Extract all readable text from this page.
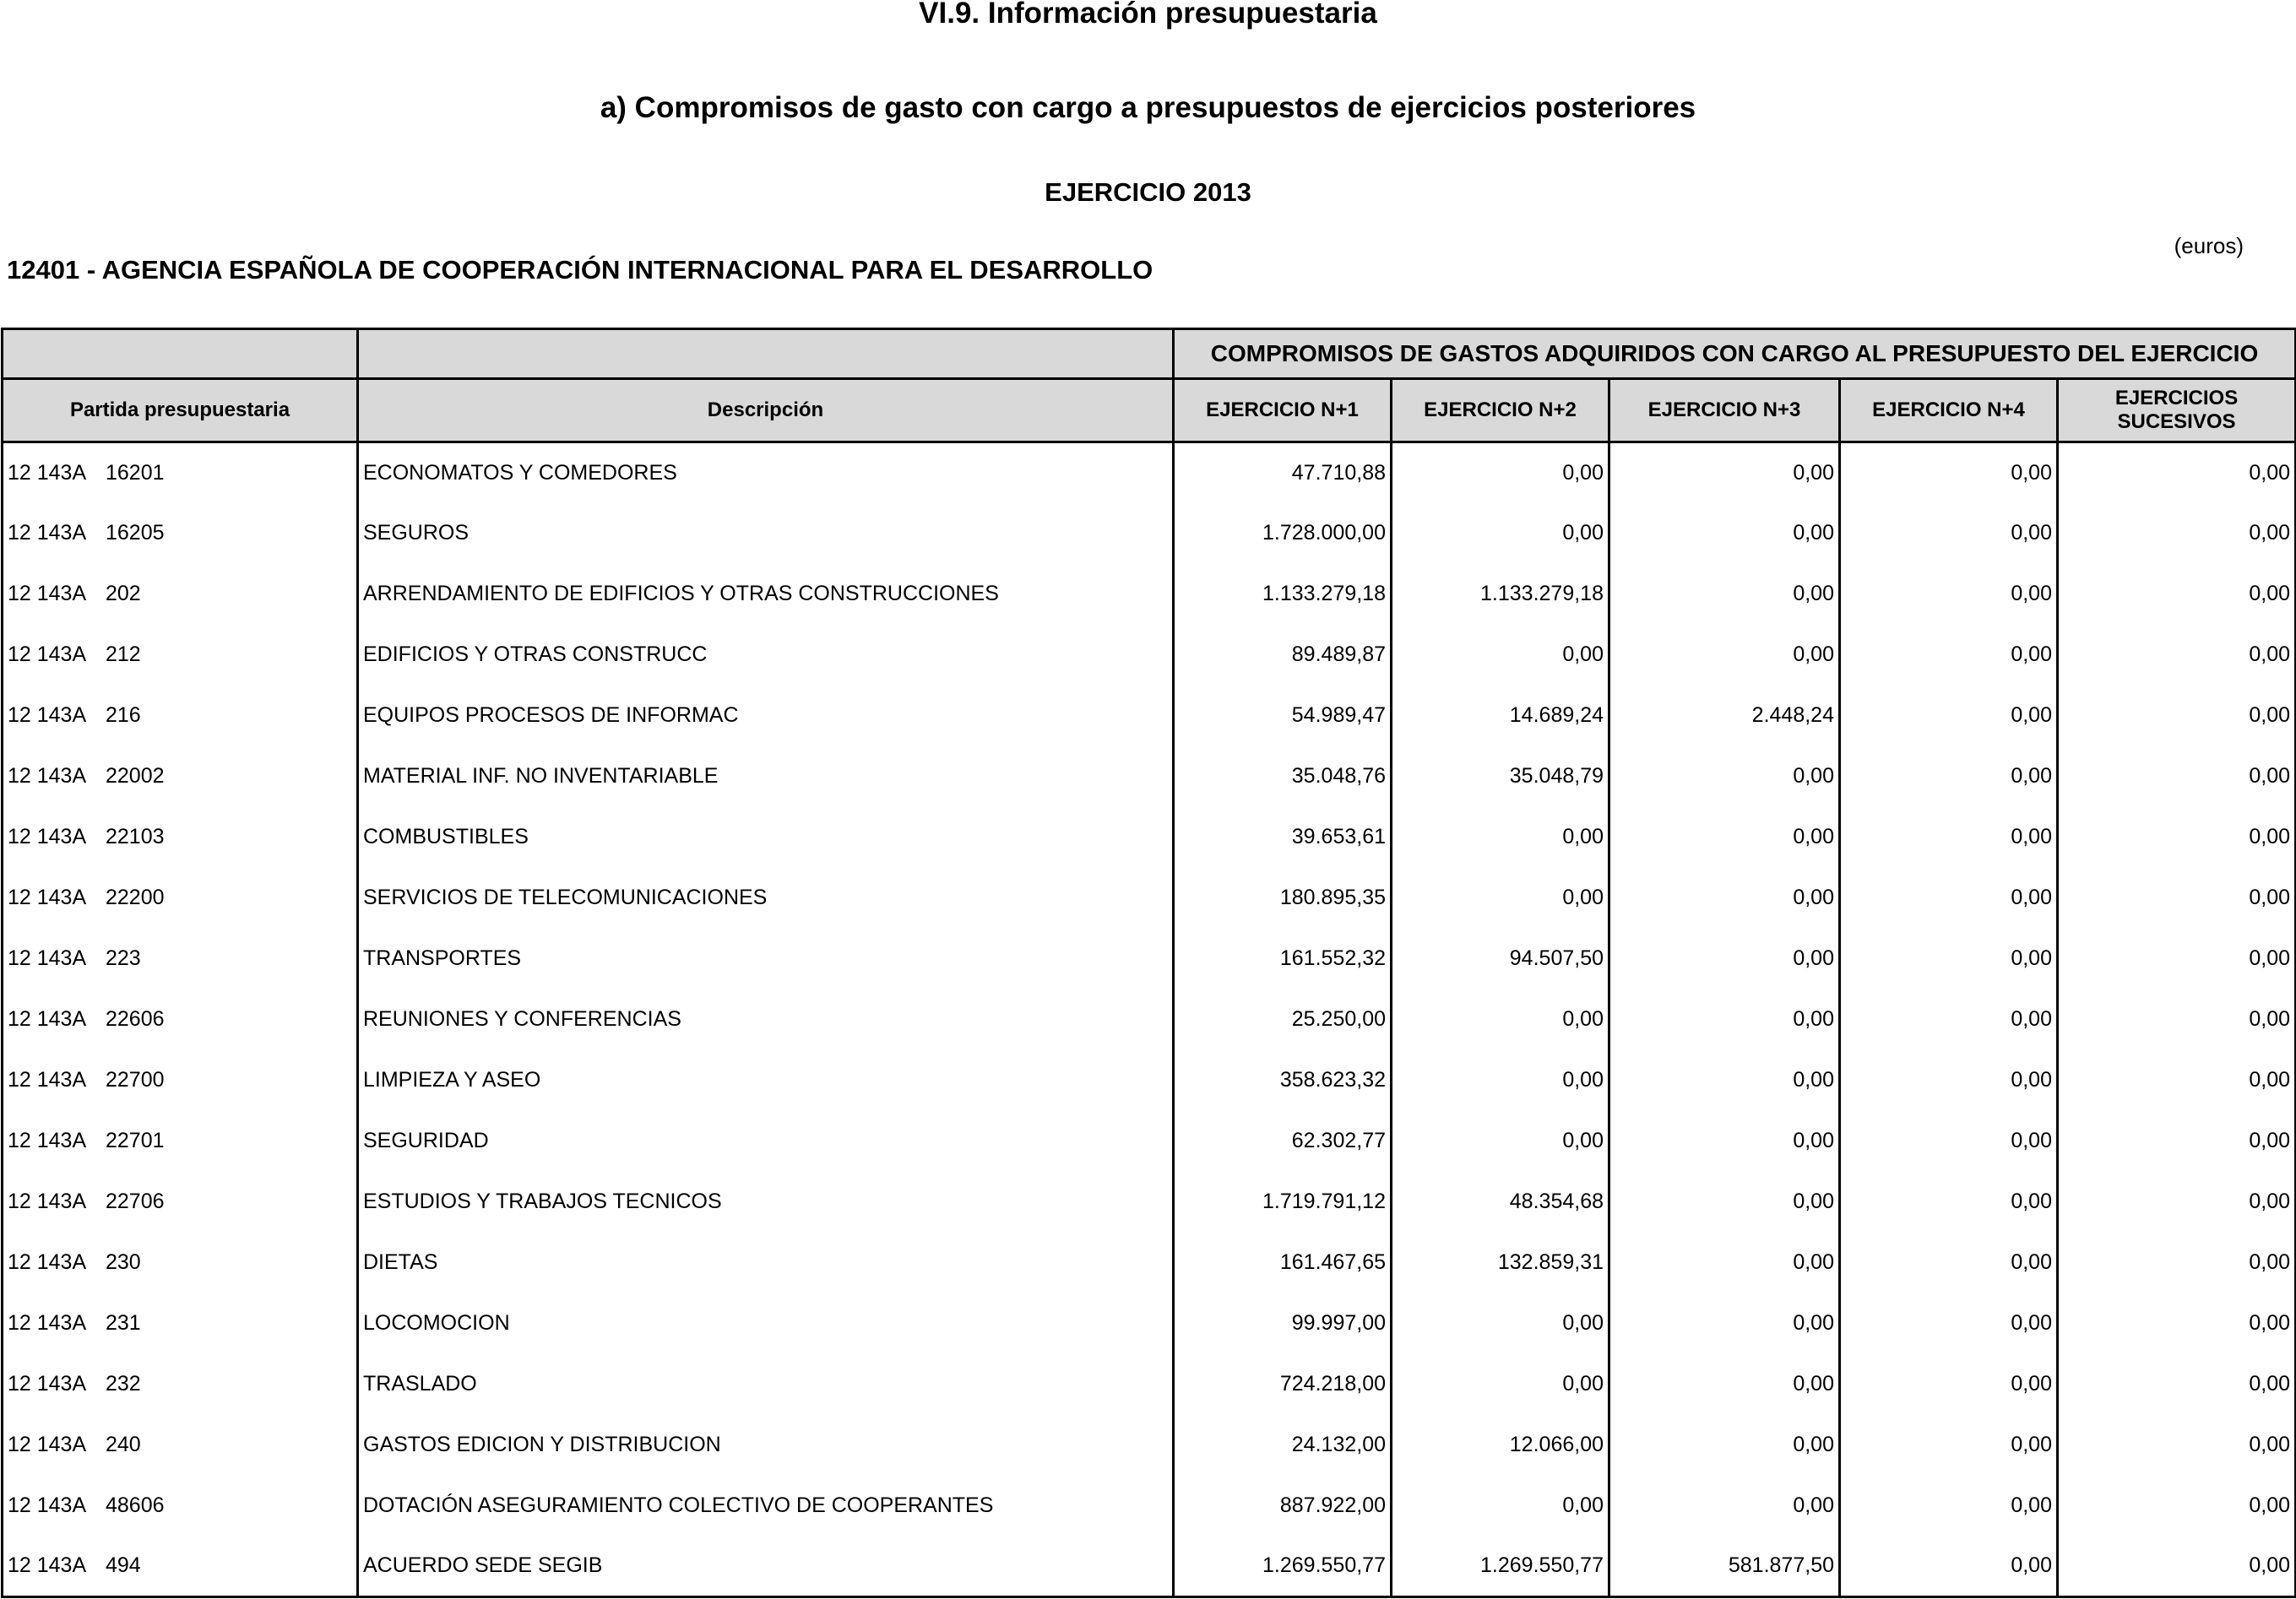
VI.9. Información presupuestaria
a) Compromisos de gasto con cargo a presupuestos de ejercicios posteriores
EJERCICIO 2013
(euros)
12401 - AGENCIA ESPAÑOLA DE COOPERACIÓN INTERNACIONAL PARA EL DESARROLLO
		COMPROMISOS DE GASTOS ADQUIRIDOS CON CARGO AL PRESUPUESTO DEL EJERCICIO				
Partida presupuestaria	Descripción	EJERCICIO N+1	EJERCICIO N+2	EJERCICIO N+3	EJERCICIO N+4	EJERCICIOS
SUCESIVOS
12 143A 16201	ECONOMATOS Y COMEDORES	47.710,88	0,00	0,00	0,00	0,00
12 143A 16205	SEGUROS	1.728.000,00	0,00	0,00	0,00	0,00
12 143A 202	ARRENDAMIENTO DE EDIFICIOS Y OTRAS CONSTRUCCIONES	1.133.279,18	1.133.279,18	0,00	0,00	0,00
12 143A 212	EDIFICIOS Y OTRAS CONSTRUCC	89.489,87	0,00	0,00	0,00	0,00
12 143A 216	EQUIPOS PROCESOS DE INFORMAC	54.989,47	14.689,24	2.448,24	0,00	0,00
12 143A 22002	MATERIAL INF. NO INVENTARIABLE	35.048,76	35.048,79	0,00	0,00	0,00
12 143A 22103	COMBUSTIBLES	39.653,61	0,00	0,00	0,00	0,00
12 143A 22200	SERVICIOS DE TELECOMUNICACIONES	180.895,35	0,00	0,00	0,00	0,00
12 143A 223	TRANSPORTES	161.552,32	94.507,50	0,00	0,00	0,00
12 143A 22606	REUNIONES Y CONFERENCIAS	25.250,00	0,00	0,00	0,00	0,00
12 143A 22700	LIMPIEZA Y ASEO	358.623,32	0,00	0,00	0,00	0,00
12 143A 22701	SEGURIDAD	62.302,77	0,00	0,00	0,00	0,00
12 143A 22706	ESTUDIOS Y TRABAJOS TECNICOS	1.719.791,12	48.354,68	0,00	0,00	0,00
12 143A 230	DIETAS	161.467,65	132.859,31	0,00	0,00	0,00
12 143A 231	LOCOMOCION	99.997,00	0,00	0,00	0,00	0,00
12 143A 232	TRASLADO	724.218,00	0,00	0,00	0,00	0,00
12 143A 240	GASTOS EDICION Y DISTRIBUCION	24.132,00	12.066,00	0,00	0,00	0,00
12 143A 48606	DOTACIÓN ASEGURAMIENTO COLECTIVO DE COOPERANTES	887.922,00	0,00	0,00	0,00	0,00
12 143A 494	ACUERDO SEDE SEGIB	1.269.550,77	1.269.550,77	581.877,50	0,00	0,00
